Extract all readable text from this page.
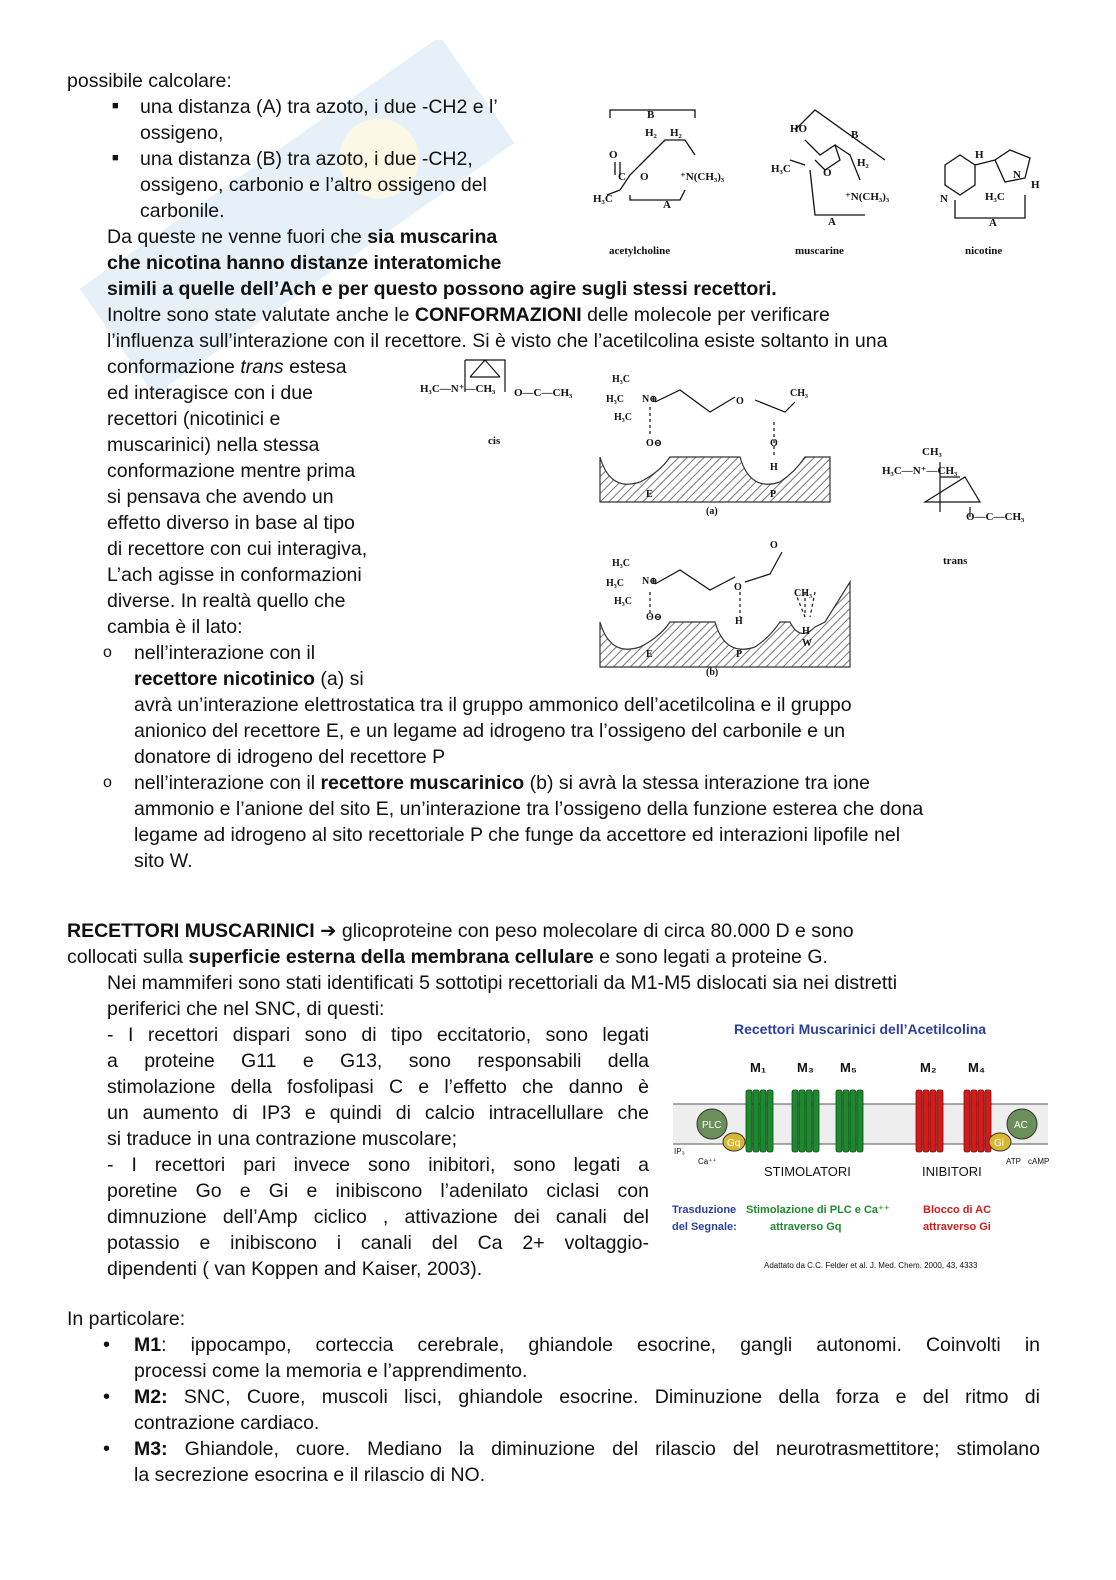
possibile calcolare:
■ una distanza (A) tra azoto, i due -CH2 e l’
ossigeno,
■ una distanza (B) tra azoto, i due -CH2,
ossigeno, carbonio e l’altro ossigeno del
carbonile.
Da queste ne venne fuori che sia muscarina
che nicotina hanno distanze interatomiche
simili a quelle dell’Ach e per questo possono agire sugli stessi recettori.
Inoltre sono state valutate anche le CONFORMAZIONI delle molecole per verificare
l’influenza sull’interazione con il recettore. Si è visto che l’acetilcolina esiste soltanto in una
conformazione trans estesa
ed interagisce con i due
recettori (nicotinici e
muscarinici) nella stessa
conformazione mentre prima
si pensava che avendo un
effetto diverso in base al tipo
di recettore con cui interagiva,
L’ach agisse in conformazioni
diverse. In realtà quello che
cambia è il lato:
o nell’interazione con il
recettore nicotinico (a) si
avrà un’interazione elettrostatica tra il gruppo ammonico dell’acetilcolina e il gruppo
anionico del recettore E, e un legame ad idrogeno tra l’ossigeno del carbonile e un
donatore di idrogeno del recettore P
o nell’interazione con il recettore muscarinico (b) si avrà la stessa interazione tra ione
ammonio e l’anione del sito E, un’interazione tra l’ossigeno della funzione esterea che dona
legame ad idrogeno al sito recettoriale P che funge da accettore ed interazioni lipofile nel
sito W.
RECETTORI MUSCARINICI ➔ glicoproteine con peso molecolare di circa 80.000 D e sono
collocati sulla superficie esterna della membrana cellulare e sono legati a proteine G.
Nei mammiferi sono stati identificati 5 sottotipi recettoriali da M1-M5 dislocati sia nei distretti
periferici che nel SNC, di questi:
- I recettori dispari sono di tipo eccitatorio, sono legati
a proteine G11 e G13, sono responsabili della
stimolazione della fosfolipasi C e l’effetto che danno è
un aumento di IP3 e quindi di calcio intracellullare che
si traduce in una contrazione muscolare;
- I recettori pari invece sono inibitori, sono legati a
poretine Go e Gi e inibiscono l’adenilato ciclasi con
dimnuzione dell’Amp ciclico , attivazione dei canali del
potassio e inibiscono i canali del Ca 2+ voltaggio-
dipendenti ( van Koppen and Kaiser, 2003).
In particolare:
• M1: ippocampo, corteccia cerebrale, ghiandole esocrine, gangli autonomi. Coinvolti in
processi come la memoria e l’apprendimento.
• M2: SNC, Cuore, muscoli lisci, ghiandole esocrine. Diminuzione della forza e del ritmo di
contrazione cardiaco.
• M3: Ghiandole, cuore. Mediano la diminuzione del rilascio del neurotrasmettitore; stimolano
la secrezione esocrina e il rilascio di NO.
B
H₂ H₂
O
C O
H₃C
⁺N(CH₃)₃
A
HO	B
H₃C	O
H₂
⁺N(CH₃)₃
A
H
N	H₃C
N
H
A
acetylcholine	muscarine	nicotine
H₃C—N⁺—CH₃ O—C—CH₃
cis
H₃C
H₃C
H₃C
N⊕	O
CH₃
O⊖	O
H
E	P
(a)
CH₃
H₃C—N⁺—CH₃
O—C—CH₃
trans
O
H₃C
H₃C
H₃C
N⊕
O
CH₃
O⊖	H
H
W
E	P
(b)
Recettori Muscarinici dell’Acetilcolina
M₁ M₃ M₅	M₂ M₄
PLC
Gq
AC
Gi
IP₃
Ca⁺⁺	ATP cAMP
STIMOLATORI	INIBITORI
Trasduzione
del Segnale:
Stimolazione di PLC e Ca⁺⁺
attraverso Gq
Blocco di AC
attraverso Gi
Adattato da C.C. Felder et al. J. Med. Chem. 2000, 43, 4333
